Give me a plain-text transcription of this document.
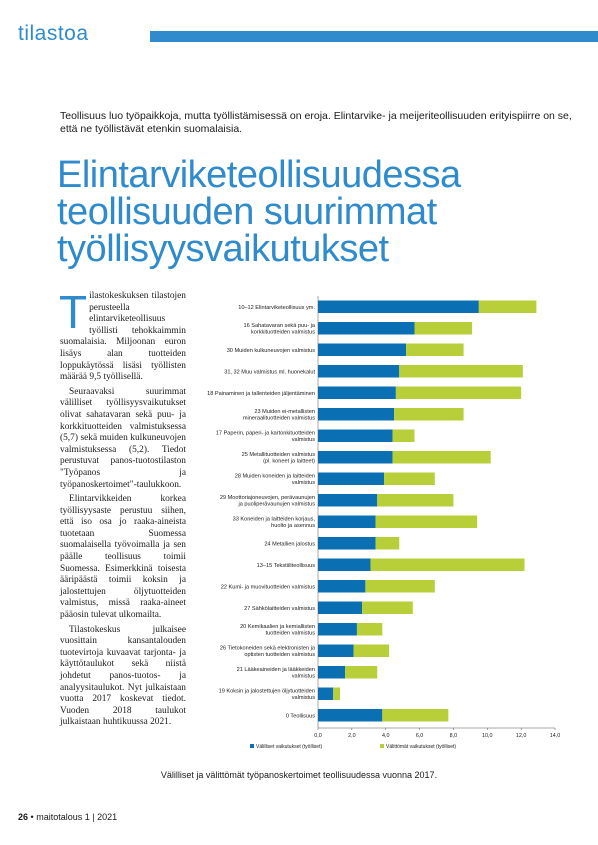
tilastoa
Teollisuus luo työpaikkoja, mutta työllistämisessä on eroja. Elintarvike- ja meijeriteollisuuden erityispiirre on se, että ne työllistävät etenkin suomalaisia.
Elintarviketeollisuudessa
teollisuuden suurimmat
työllisyysvaikutukset

Tilastokeskuksen tilastojen perusteella elintarviketeollisuus työllisti tehokkaimmin suomalaisia. Miljoonan euron lisäys alan tuotteiden loppukäytössä lisäsi työllisten määrää 9,5 työllisellä.

Seuraavaksi suurimmat välilliset työllisyysvaikutukset olivat sahatavaran sekä puu- ja korkkituotteiden valmistuksessa (5,7) sekä muiden kulkuneuvojen valmistuksessa (5,2). Tiedot perustuvat panos-tuotostilaston "Työpanos ja työpanoskertoimet"-taulukkoon.

Elintarvikkeiden korkea työllisyysaste perustuu siihen, että iso osa jo raaka-aineista tuotetaan Suomessa suomalaisella työvoimalla ja sen päälle teollisuus toimii Suomessa. Esimerkkinä toisesta ääripäästä toimii koksin ja jalostettujen öljytuotteiden valmistus, missä raaka-aineet pääosin tulevat ulkomailta.

Tilastokeskus julkaisee vuosittain kansantalouden tuotevirtoja kuvaavat tarjonta- ja käyttötaulukot sekä niistä johdetut panos-tuotos- ja analyysitaulukot. Nyt julkaistaan vuotta 2017 koskevat tiedot. Vuoden 2018 taulukot julkaistaan huhtikuussa 2021.

10–12 Elintarviketeollisuus ym.
16 Sahatavaran sekä puu- ja korkkituotteiden valmistus
30 Muiden kulkuneuvojen valmistus
31, 32 Muu valmistus ml. huonekalut
18 Painaminen ja tallenteiden jäljentäminen
23 Muiden ei-metallisten mineraalituotteiden valmistus
17 Paperin, paperi- ja kartonkituotteiden valmistus
25 Metallituotteiden valmistus (pl. koneet ja laitteet)
28 Muiden koneiden ja laitteiden valmistus
29 Moottoriajoneuvojen, perävaunujen ja puoliperävaunujen valmistus
33 Koneiden ja laitteiden korjaus, huolto ja asennus
24 Metallien jalostus
13–15 Tekstiiliteollisuus
22 Kumi- ja muovituotteiden valmistus
27 Sähkölaitteiden valmistus
20 Kemikaalien ja kemiallisten tuotteiden valmistus
26 Tietokoneiden sekä elektronisten ja optisten tuotteiden valmistus
21 Lääkeaineiden ja lääkkeiden valmistus
19 Koksin ja jalostettujen öljytuotteiden valmistus
0 Teollisuus
0,0	2,0	4,0	6,0	8,0	10,0	12,0	14,0
Välilliset vaikutukset (työlliset)	Välittömät vaikutukset (työlliset)
Välilliset ja välittömät työpanoskertoimet teollisuudessa vuonna 2017.
26 • maitotalous 1 | 2021
